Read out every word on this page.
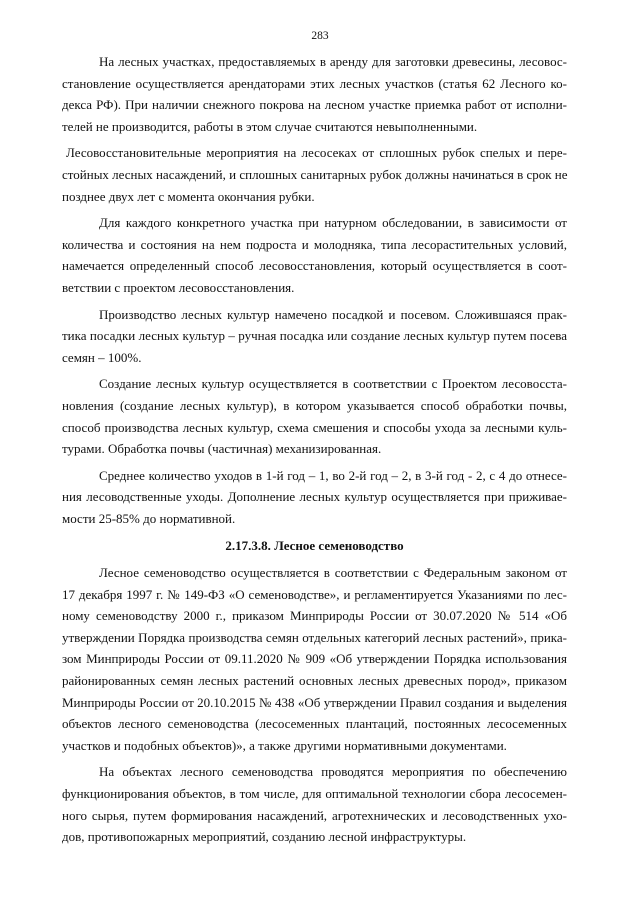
283
На лесных участках, предоставляемых в аренду для заготовки древесины, лесовос-
становление осуществляется арендаторами этих лесных участков (статья 62 Лесного ко-
декса РФ). При наличии снежного покрова на лесном участке приемка работ от исполни-
телей не производится, работы в этом случае считаются невыполненными.
Лесовосстановительные мероприятия на лесосеках от сплошных рубок спелых и пере-
стойных лесных насаждений, и сплошных санитарных рубок должны начинаться в срок не
позднее двух лет с момента окончания рубки.
Для каждого конкретного участка при натурном обследовании, в зависимости от
количества и состояния на нем подроста и молодняка, типа лесорастительных условий,
намечается определенный способ лесовосстановления, который осуществляется в соот-
ветствии с проектом лесовосстановления.
Производство лесных культур намечено посадкой и посевом. Сложившаяся прак-
тика посадки лесных культур – ручная посадка или создание лесных культур путем посева
семян – 100%.
Создание лесных культур осуществляется в соответствии с Проектом лесовосста-
новления (создание лесных культур), в котором указывается способ обработки почвы,
способ производства лесных культур, схема смешения и способы ухода за лесными куль-
турами. Обработка почвы (частичная) механизированная.
Среднее количество уходов в 1-й год – 1, во 2-й год – 2, в 3-й год - 2, с 4 до отнесе-
ния лесоводственные уходы. Дополнение лесных культур осуществляется при приживае-
мости 25-85% до нормативной.
2.17.3.8. Лесное семеноводство
Лесное семеноводство осуществляется в соответствии с Федеральным законом от
17 декабря 1997 г. № 149-ФЗ «О семеноводстве», и регламентируется Указаниями по лес-
ному семеноводству 2000 г., приказом Минприроды России от 30.07.2020 № 514 «Об
утверждении Порядка производства семян отдельных категорий лесных растений», прика-
зом Минприроды России от 09.11.2020 № 909 «Об утверждении Порядка использования
районированных семян лесных растений основных лесных древесных пород», приказом
Минприроды России от 20.10.2015 № 438 «Об утверждении Правил создания и выделения
объектов лесного семеноводства (лесосеменных плантаций, постоянных лесосеменных
участков и подобных объектов)», а также другими нормативными документами.
На объектах лесного семеноводства проводятся мероприятия по обеспечению
функционирования объектов, в том числе, для оптимальной технологии сбора лесосемен-
ного сырья, путем формирования насаждений, агротехнических и лесоводственных ухо-
дов, противопожарных мероприятий, созданию лесной инфраструктуры.
